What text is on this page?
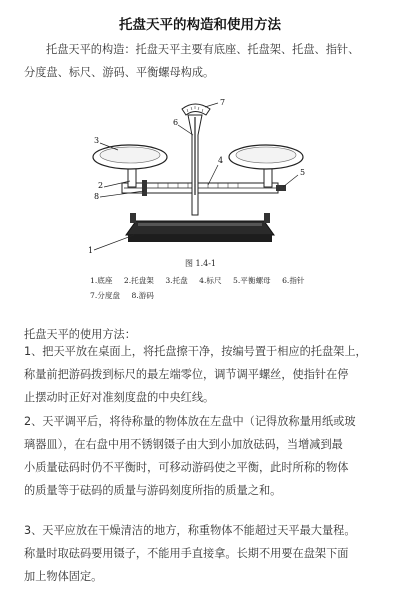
托盘天平的构造和使用方法
托盘天平的构造：托盘天平主要有底座、托盘架、托盘、指针、
分度盘、标尺、游码、平衡螺母构成。
3
2
8
1
6
7
4
5
图 1.4-1
1.底座 2.托盘架 3.托盘 4.标尺 5.平衡螺母 6.指针
7.分度盘 8.游码
托盘天平的使用方法：
1、把天平放在桌面上，将托盘擦干净，按编号置于相应的托盘架上，
称量前把游码拨到标尺的最左端零位，调节调平螺丝，使指针在停
止摆动时正好对准刻度盘的中央红线。
2、天平调平后，将待称量的物体放在左盘中（记得放称量用纸或玻
璃器皿），在右盘中用不锈钢镊子由大到小加放砝码，当增减到最
小质量砝码时仍不平衡时，可移动游码使之平衡，此时所称的物体
的质量等于砝码的质量与游码刻度所指的质量之和。
3、天平应放在干燥清洁的地方，称重物体不能超过天平最大量程。
称量时取砝码要用镊子，不能用手直接拿。长期不用要在盘架下面
加上物体固定。
